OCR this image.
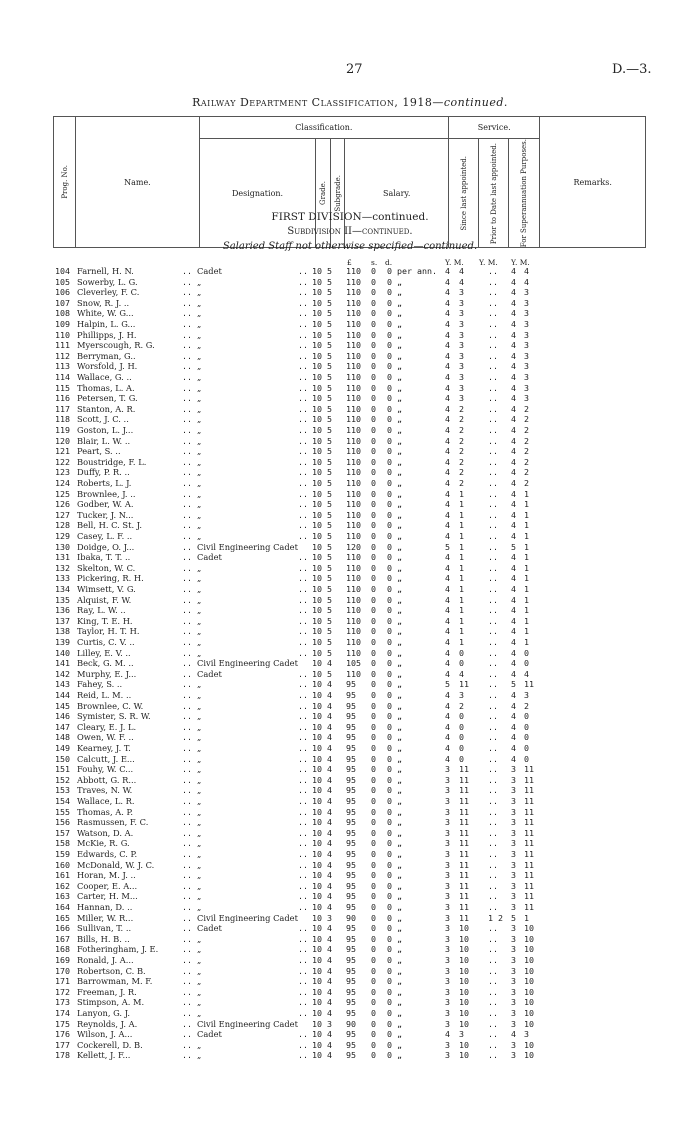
27	D.—3.
Railway Department Classification, 1918—continued.
Prog. No.	Name.	Classification.				Service.			Remarks.
		Designation.	Grade.	Subgrade.	Salary.	Since last appointed.	Prior to Date last appointed.	For Superannuation Purposes.	
FIRST DIVISION—continued.
Subdivision II—continued.
Salaried Staff not otherwise specified—continued.
£	s. d.	Y. M. Y. M. Y. M.
104 Farnell, H. N.	.. Cadet	.. 10 5 110 0 0 per ann. 4 4	.. 4 4
105 Sowerby, L. G.	.. „	.. 10 5 110 0 0 „	4 4	.. 4 4
106 Cleverley, F. C.	.. „	.. 10 5 110 0 0 „	4 3	.. 4 3
107 Snow, R. J. ..	.. „	.. 10 5 110 0 0 „	4 3	.. 4 3
108 White, W. G...	.. „	.. 10 5 110 0 0 „	4 3	.. 4 3
109 Halpin, L. G...	.. „	.. 10 5 110 0 0 „	4 3	.. 4 3
110 Phillipps, J. H.	.. „	.. 10 5 110 0 0 „	4 3	.. 4 3
111 Myerscough, R. G.	.. „	.. 10 5 110 0 0 „	4 3	.. 4 3
112 Berryman, G..	.. „	.. 10 5 110 0 0 „	4 3	.. 4 3
113 Worsfold, J. H.	.. „	.. 10 5 110 0 0 „	4 3	.. 4 3
114 Wallace, G. ..	.. „	.. 10 5 110 0 0 „	4 3	.. 4 3
115 Thomas, L. A.	.. „	.. 10 5 110 0 0 „	4 3	.. 4 3
116 Petersen, T. G.	.. „	.. 10 5 110 0 0 „	4 3	.. 4 3
117 Stanton, A. R.	.. „	.. 10 5 110 0 0 „	4 2	.. 4 2
118 Scott, J. C. ..	.. „	.. 10 5 110 0 0 „	4 2	.. 4 2
119 Goston, L. J...	.. „	.. 10 5 110 0 0 „	4 2	.. 4 2
120 Blair, L. W. ..	.. „	.. 10 5 110 0 0 „	4 2	.. 4 2
121 Peart, S. ..	.. „	.. 10 5 110 0 0 „	4 2	.. 4 2
122 Boustridge, F. L.	.. „	.. 10 5 110 0 0 „	4 2	.. 4 2
123 Duffy, P. R. ..	.. „	.. 10 5 110 0 0 „	4 2	.. 4 2
124 Roberts, L. J.	.. „	.. 10 5 110 0 0 „	4 2	.. 4 2
125 Brownlee, J. ..	.. „	.. 10 5 110 0 0 „	4 1	.. 4 1
126 Godber, W. A.	.. „	.. 10 5 110 0 0 „	4 1	.. 4 1
127 Tucker, J. N...	.. „	.. 10 5 110 0 0 „	4 1	.. 4 1
128 Bell, H. C. St. J.	.. „	.. 10 5 110 0 0 „	4 1	.. 4 1
129 Casey, L. F. ..	.. „	.. 10 5 110 0 0 „	4 1	.. 4 1
130 Doidge, O. J...	.. Civil Engineering Cadet 10 5 120 0 0 „	5 1	.. 5 1
131 Ibaka, T. T. ..	.. Cadet	.. 10 5 110 0 0 „	4 1	.. 4 1
132 Skelton, W. C.	.. „	.. 10 5 110 0 0 „	4 1	.. 4 1
133 Pickering, R. H.	.. „	.. 10 5 110 0 0 „	4 1	.. 4 1
134 Wimsett, V. G.	.. „	.. 10 5 110 0 0 „	4 1	.. 4 1
135 Alquist, F. W.	.. „	.. 10 5 110 0 0 „	4 1	.. 4 1
136 Ray, L. W. ..	.. „	.. 10 5 110 0 0 „	4 1	.. 4 1
137 King, T. E. H.	.. „	.. 10 5 110 0 0 „	4 1	.. 4 1
138 Taylor, H. T. H.	.. „	.. 10 5 110 0 0 „	4 1	.. 4 1
139 Curtis, C. V. ..	.. „	.. 10 5 110 0 0 „	4 1	.. 4 1
140 Lilley, E. V. ..	.. „	.. 10 5 110 0 0 „	4 0	.. 4 0
141 Beck, G. M. ..	.. Civil Engineering Cadet 10 4 105 0 0 „	4 0	.. 4 0
142 Murphy, E. J...	.. Cadet	.. 10 5 110 0 0 „	4 4	.. 4 4
143 Fahey, S. ..	.. „	.. 10 4 95 0 0 „	5 11 .. 5 11
144 Reid, L. M. ..	.. „	.. 10 4 95 0 0 „	4 3	.. 4 3
145 Brownlee, C. W.	.. „	.. 10 4 95 0 0 „	4 2	.. 4 2
146 Symister, S. R. W.	.. „	.. 10 4 95 0 0 „	4 0	.. 4 0
147 Cleary, E. J. L.	.. „	.. 10 4 95 0 0 „	4 0	.. 4 0
148 Owen, W. F. ..	.. „	.. 10 4 95 0 0 „	4 0	.. 4 0
149 Kearney, J. T.	.. „	.. 10 4 95 0 0 „	4 0	.. 4 0
150 Calcutt, J. E...	.. „	.. 10 4 95 0 0 „	4 0	.. 4 0
151 Fouhy, W. C...	.. „	.. 10 4 95 0 0 „	3 11 .. 3 11
152 Abbott, G. R...	.. „	.. 10 4 95 0 0 „	3 11 .. 3 11
153 Traves, N. W.	.. „	.. 10 4 95 0 0 „	3 11 .. 3 11
154 Wallace, L. R.	.. „	.. 10 4 95 0 0 „	3 11 .. 3 11
155 Thomas, A. P.	.. „	.. 10 4 95 0 0 „	3 11 .. 3 11
156 Rasmussen, F. C.	.. „	.. 10 4 95 0 0 „	3 11 .. 3 11
157 Watson, D. A.	.. „	.. 10 4 95 0 0 „	3 11 .. 3 11
158 McKie, R. G.	.. „	.. 10 4 95 0 0 „	3 11 .. 3 11
159 Edwards, C. P.	.. „	.. 10 4 95 0 0 „	3 11 .. 3 11
160 McDonald, W. J. C.	.. „	.. 10 4 95 0 0 „	3 11 .. 3 11
161 Horan, M. J. ..	.. „	.. 10 4 95 0 0 „	3 11 .. 3 11
162 Cooper, E. A...	.. „	.. 10 4 95 0 0 „	3 11 .. 3 11
163 Carter, H. M...	.. „	.. 10 4 95 0 0 „	3 11 .. 3 11
164 Hannan, D. ..	.. „	.. 10 4 95 0 0 „	3 11 .. 3 11
165 Miller, W. R...	.. Civil Engineering Cadet 10 3 90 0 0 „	3 11 1 2 5 1
166 Sullivan, T. ..	.. Cadet	.. 10 4 95 0 0 „	3 10 .. 3 10
167 Bills, H. B. ..	.. „	.. 10 4 95 0 0 „	3 10 .. 3 10
168 Fotheringham, J. E.	.. „	.. 10 4 95 0 0 „	3 10 .. 3 10
169 Ronald, J. A...	.. „	.. 10 4 95 0 0 „	3 10 .. 3 10
170 Robertson, C. B.	.. „	.. 10 4 95 0 0 „	3 10 .. 3 10
171 Barrowman, M. F.	.. „	.. 10 4 95 0 0 „	3 10 .. 3 10
172 Freeman, J. R.	.. „	.. 10 4 95 0 0 „	3 10 .. 3 10
173 Stimpson, A. M.	.. „	.. 10 4 95 0 0 „	3 10 .. 3 10
174 Lanyon, G. J.	.. „	.. 10 4 95 0 0 „	3 10 .. 3 10
175 Reynolds, J. A.	.. Civil Engineering Cadet 10 3 90 0 0 „	3 10 .. 3 10
176 Wilson, J. A...	.. Cadet	.. 10 4 95 0 0 „	4 3	.. 4 3
177 Cockerell, D. B.	.. „	.. 10 4 95 0 0 „	3 10 .. 3 10
178 Kellett, J. F...	.. „	.. 10 4 95 0 0 „	3 10 .. 3 10
